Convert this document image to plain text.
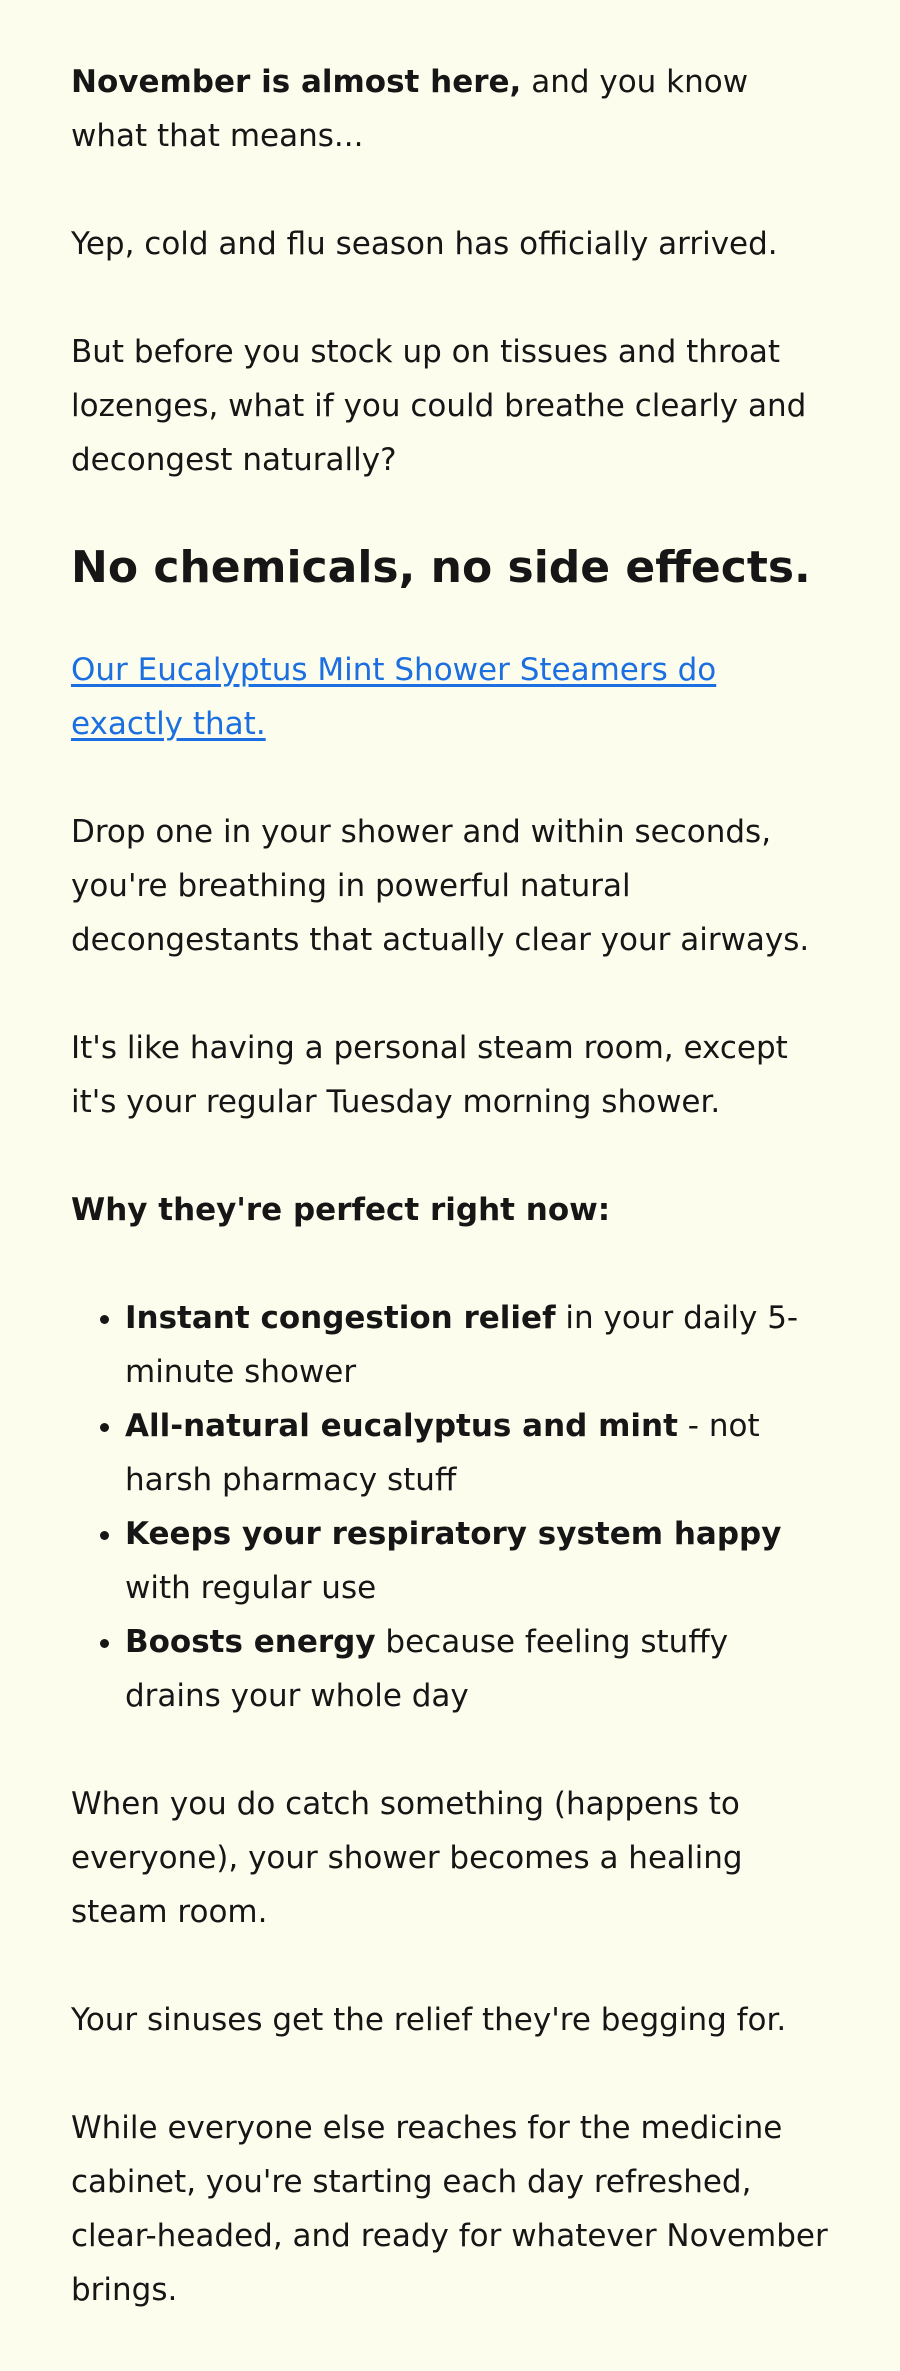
November is almost here, and you know what that means...

Yep, cold and flu season has officially arrived.

But before you stock up on tissues and throat lozenges, what if you could breathe clearly and decongest naturally?

No chemicals, no side effects.

Our Eucalyptus Mint Shower Steamers do exactly that.

Drop one in your shower and within seconds, you're breathing in powerful natural decongestants that actually clear your airways.

It's like having a personal steam room, except it's your regular Tuesday morning shower.

Why they're perfect right now:

• Instant congestion relief in your daily 5-minute shower
• All-natural eucalyptus and mint - not harsh pharmacy stuff
• Keeps your respiratory system happy with regular use
• Boosts energy because feeling stuffy drains your whole day

When you do catch something (happens to everyone), your shower becomes a healing steam room.

Your sinuses get the relief they're begging for.

While everyone else reaches for the medicine cabinet, you're starting each day refreshed, clear-headed, and ready for whatever November brings.
